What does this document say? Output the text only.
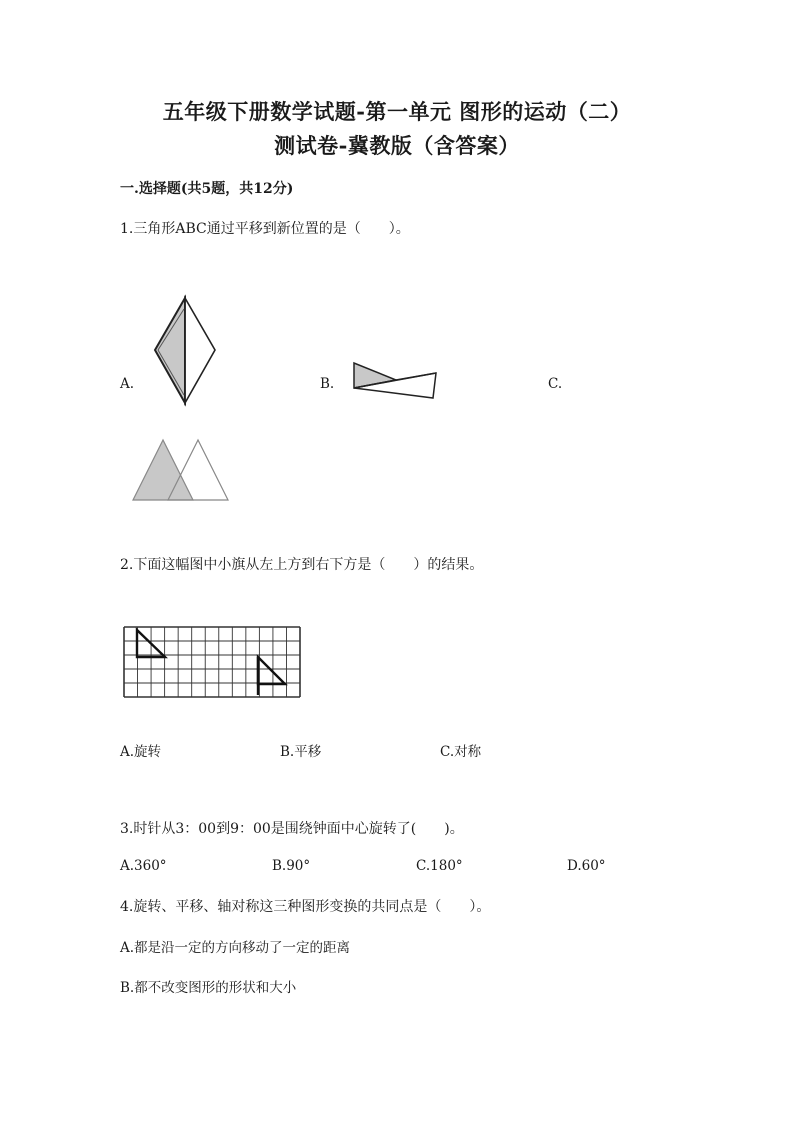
五年级下册数学试题-第一单元 图形的运动（二）
测试卷-冀教版（含答案）
一.选择题(共5题，共12分)
1.三角形ABC通过平移到新位置的是（　　）。
A.	B.	C.
2.下面这幅图中小旗从左上方到右下方是（　　）的结果。
A.旋转	B.平移	C.对称
3.时针从3：00到9：00是围绕钟面中心旋转了(　　)。
A.360°	B.90°	C.180°	D.60°
4.旋转、平移、轴对称这三种图形变换的共同点是（　　）。
A.都是沿一定的方向移动了一定的距离
B.都不改变图形的形状和大小
